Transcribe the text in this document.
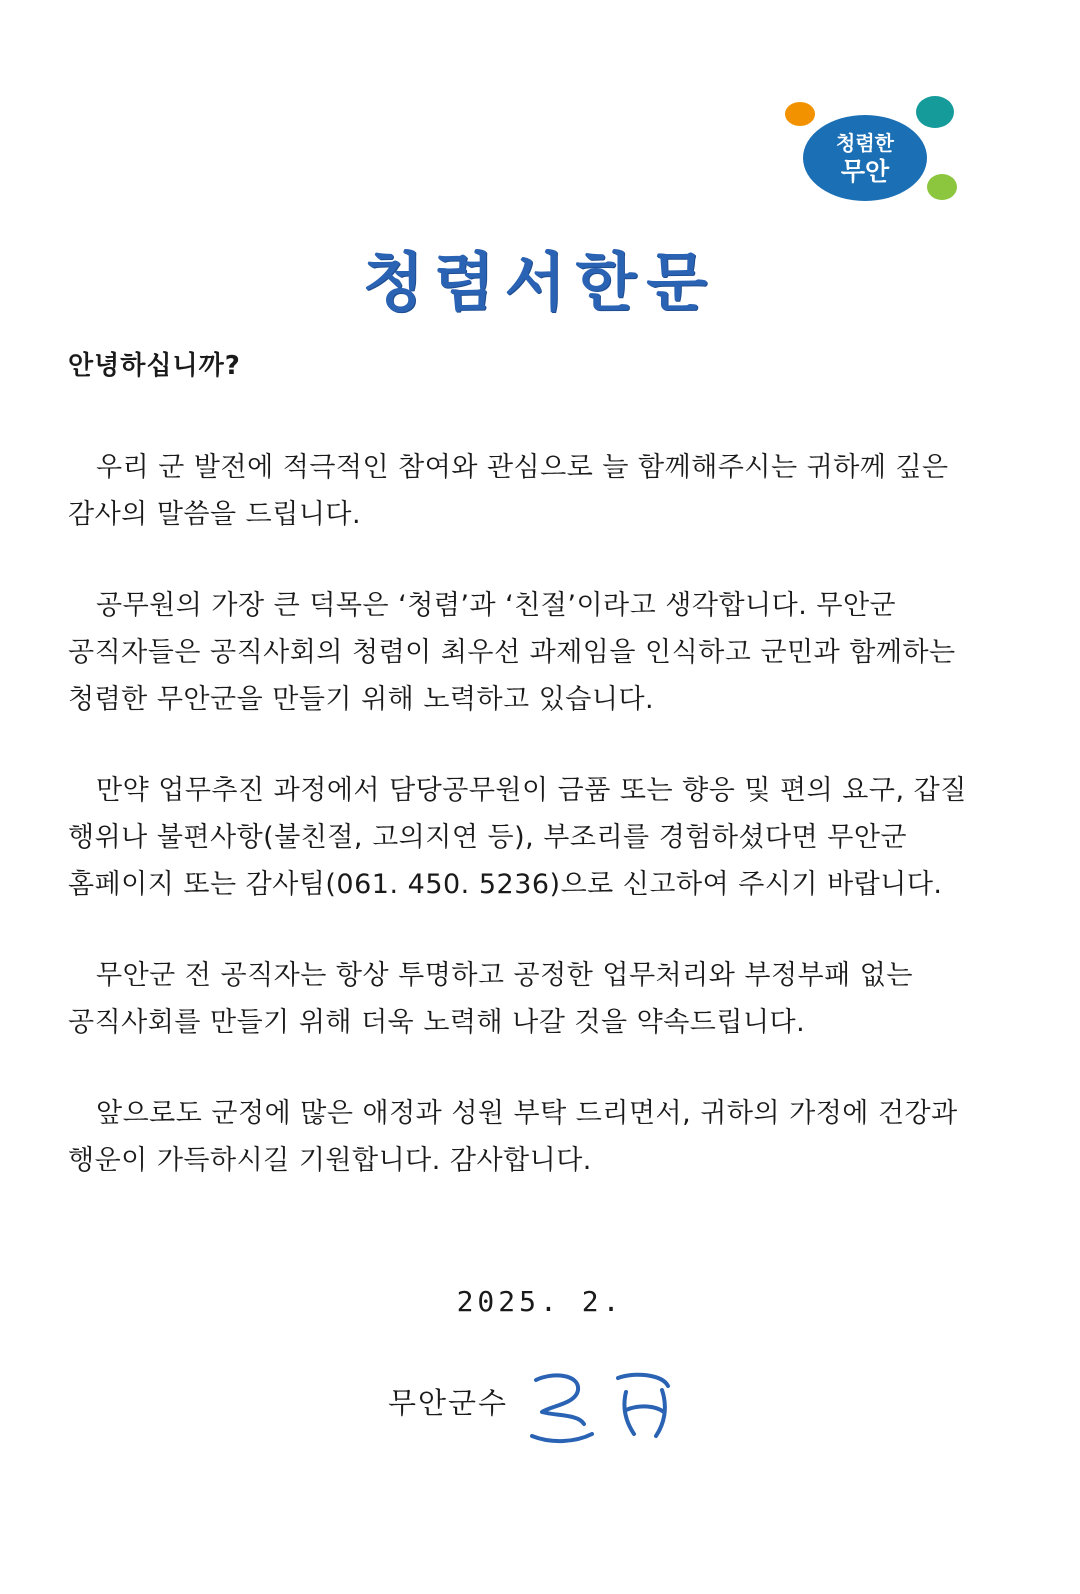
청렴한
무안
청렴서한문

안녕하십니까?

우리 군 발전에 적극적인 참여와 관심으로 늘 함께해주시는 귀하께 깊은 감사의 말씀을 드립니다.

공무원의 가장 큰 덕목은 ‘청렴’과 ‘친절’이라고 생각합니다. 무안군 공직자들은 공직사회의 청렴이 최우선 과제임을 인식하고 군민과 함께하는 청렴한 무안군을 만들기 위해 노력하고 있습니다.

만약 업무추진 과정에서 담당공무원이 금품 또는 향응 및 편의 요구, 갑질 행위나 불편사항(불친절, 고의지연 등), 부조리를 경험하셨다면 무안군 홈페이지 또는 감사팀(061. 450. 5236)으로 신고하여 주시기 바랍니다.

무안군 전 공직자는 항상 투명하고 공정한 업무처리와 부정부패 없는 공직사회를 만들기 위해 더욱 노력해 나갈 것을 약속드립니다.

앞으로도 군정에 많은 애정과 성원 부탁 드리면서, 귀하의 가정에 건강과 행운이 가득하시길 기원합니다. 감사합니다.

2025. 2.
무안군수
